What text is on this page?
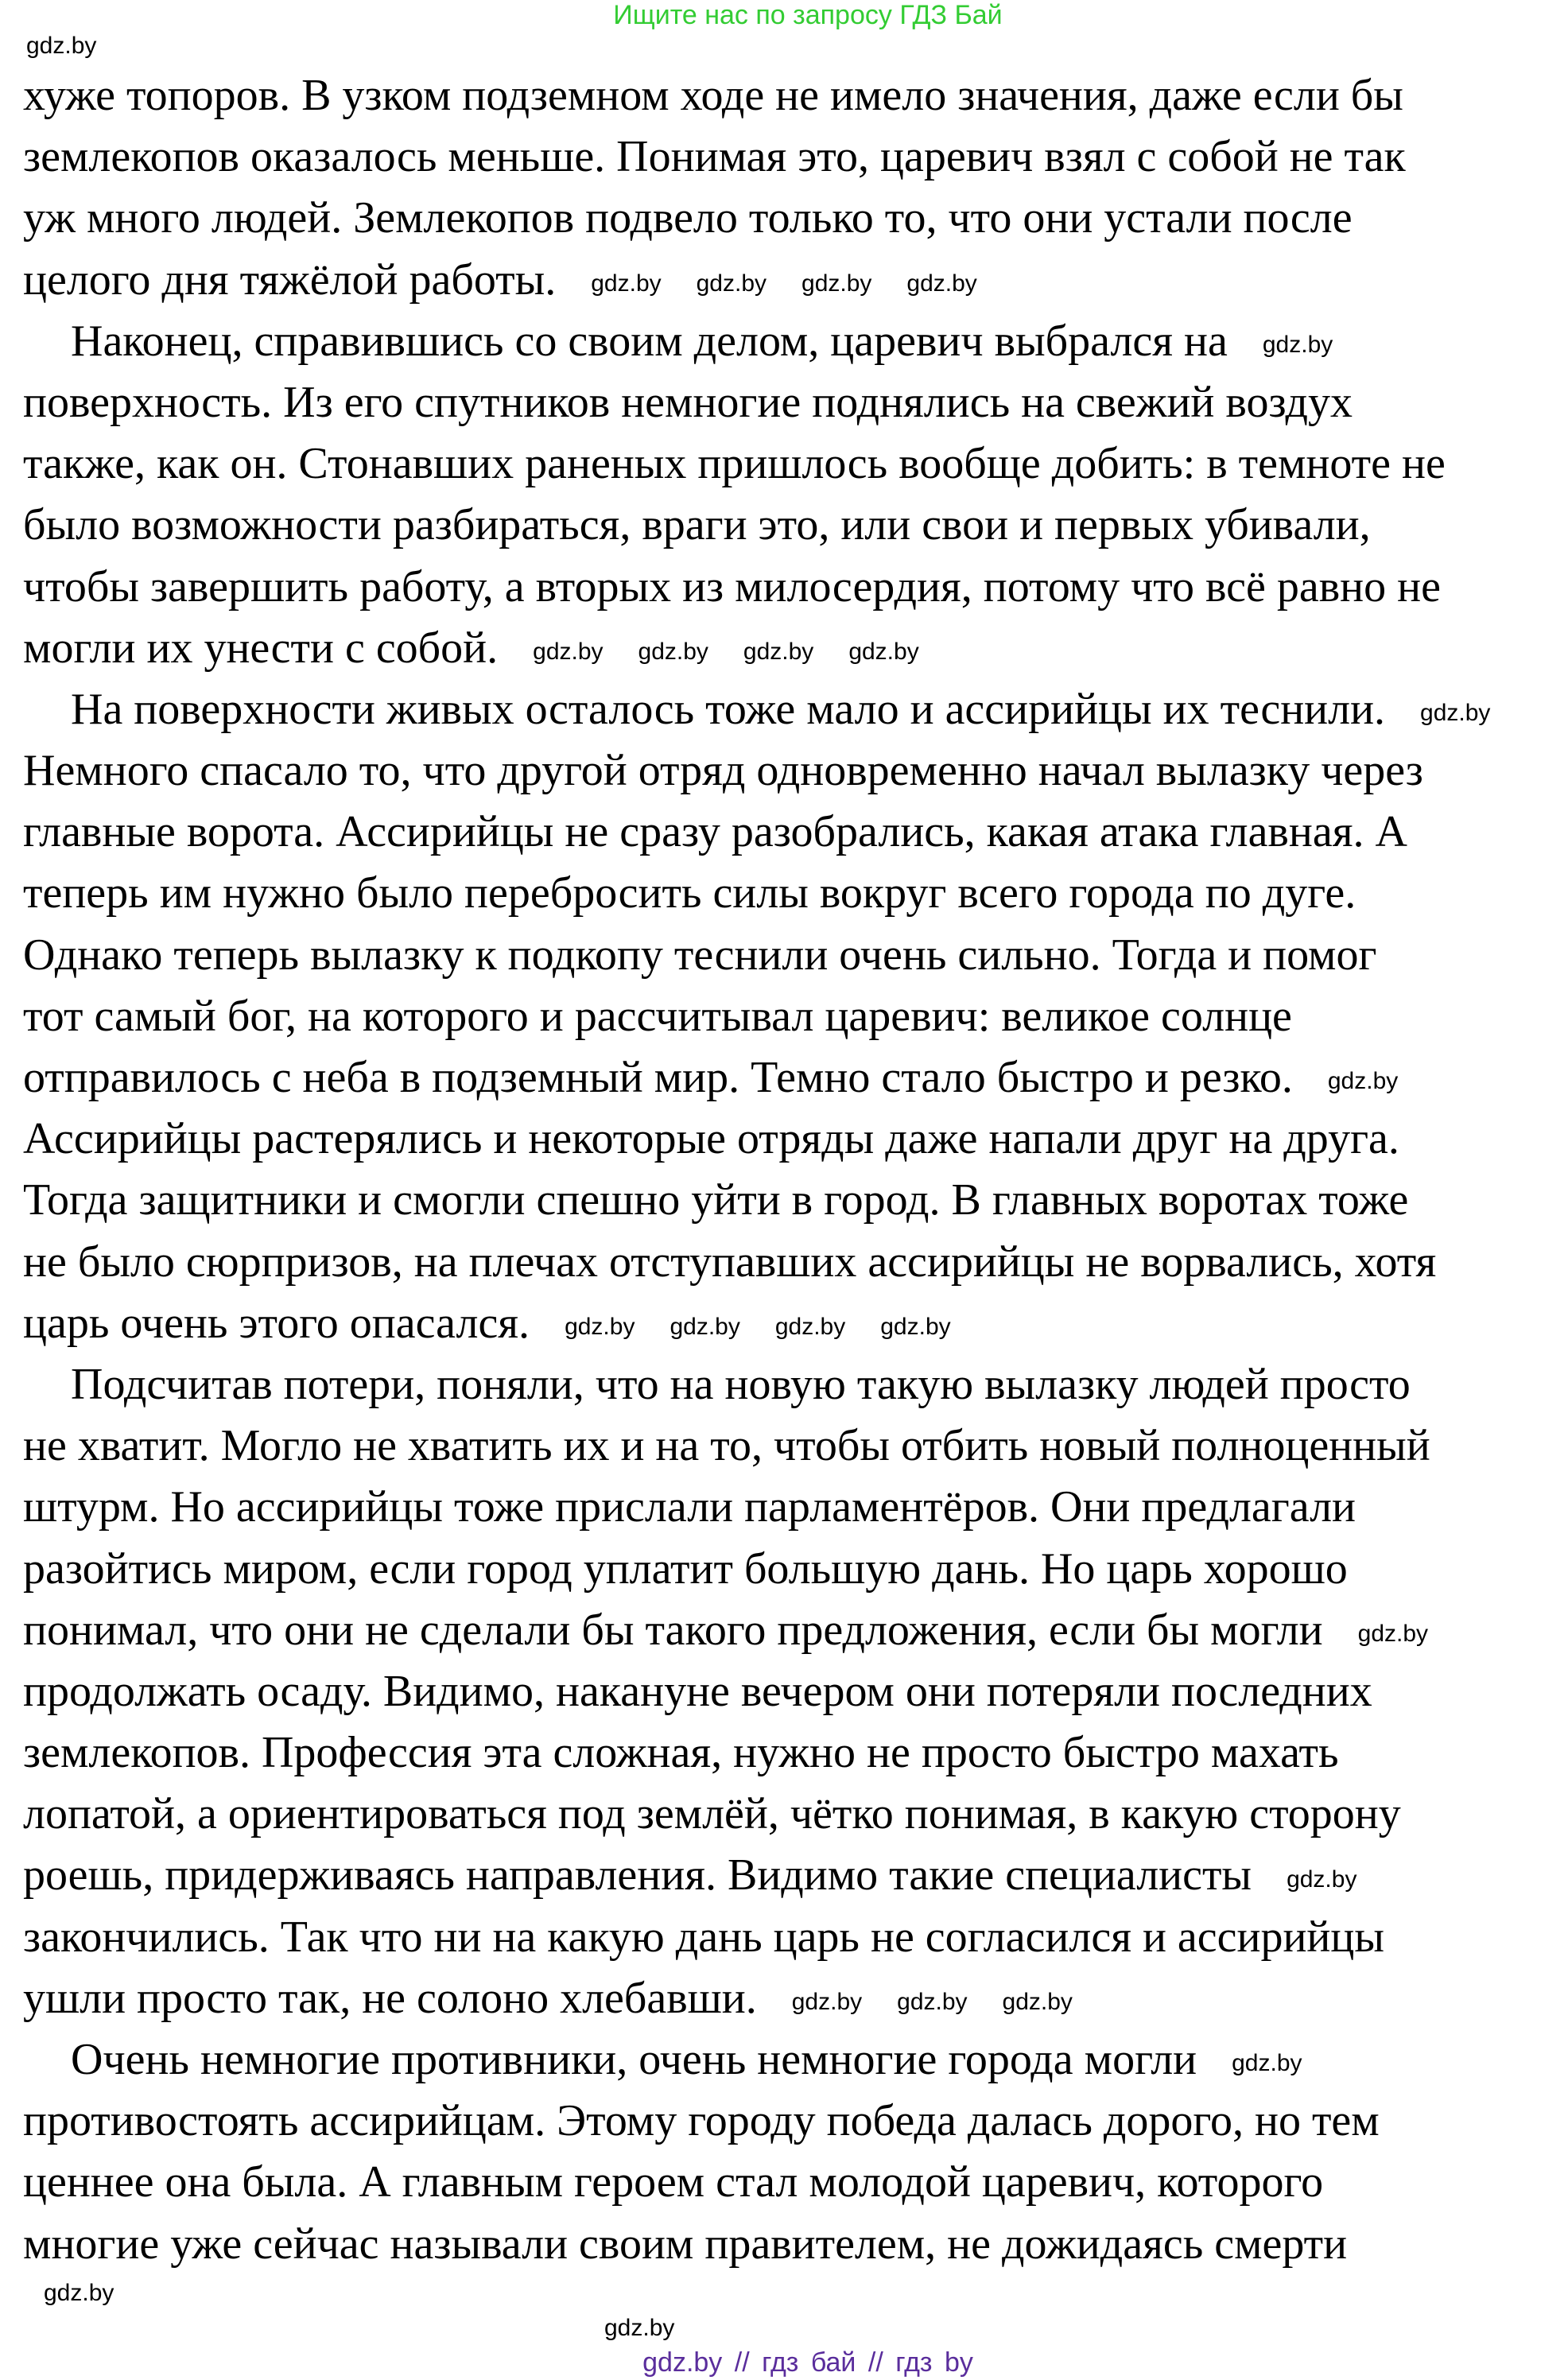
Ищите нас по запросу ГДЗ Бай
хуже топоров. В узком подземном ходе не имело значения, даже если бы
землекопов оказалось меньше. Понимая это, царевич взял с собой не так
уж много людей. Землекопов подвело только то, что они устали после
целого дня тяжёлой работы. gdz.by gdz.by gdz.by gdz.by
Наконец, справившись со своим делом, царевич выбрался на gdz.by
поверхность. Из его спутников немногие поднялись на свежий воздух
также, как он. Стонавших раненых пришлось вообще добить: в темноте не
было возможности разбираться, враги это, или свои и первых убивали,
чтобы завершить работу, а вторых из милосердия, потому что всё равно не
могли их унести с собой. gdz.by gdz.by gdz.by gdz.by
На поверхности живых осталось тоже мало и ассирийцы их теснили. gdz.by
Немного спасало то, что другой отряд одновременно начал вылазку через
главные ворота. Ассирийцы не сразу разобрались, какая атака главная. А
теперь им нужно было перебросить силы вокруг всего города по дуге.
Однако теперь вылазку к подкопу теснили очень сильно. Тогда и помог
тот самый бог, на которого и рассчитывал царевич: великое солнце
отправилось с неба в подземный мир. Темно стало быстро и резко. gdz.by
Ассирийцы растерялись и некоторые отряды даже напали друг на друга.
Тогда защитники и смогли спешно уйти в город. В главных воротах тоже
не было сюрпризов, на плечах отступавших ассирийцы не ворвались, хотя
царь очень этого опасался. gdz.by gdz.by gdz.by gdz.by
Подсчитав потери, поняли, что на новую такую вылазку людей просто
не хватит. Могло не хватить их и на то, чтобы отбить новый полноценный
штурм. Но ассирийцы тоже прислали парламентёров. Они предлагали
разойтись миром, если город уплатит большую дань. Но царь хорошо
понимал, что они не сделали бы такого предложения, если бы могли gdz.by
продолжать осаду. Видимо, накануне вечером они потеряли последних
землекопов. Профессия эта сложная, нужно не просто быстро махать
лопатой, а ориентироваться под землёй, чётко понимая, в какую сторону
роешь, придерживаясь направления. Видимо такие специалисты gdz.by
закончились. Так что ни на какую дань царь не согласился и ассирийцы
ушли просто так, не солоно хлебавши. gdz.by gdz.by gdz.by
Очень немногие противники, очень немногие города могли gdz.by
противостоять ассирийцам. Этому городу победа далась дорого, но тем
ценнее она была. А главным героем стал молодой царевич, которого
многие уже сейчас называли своим правителем, не дожидаясь смерти
gdz.by
gdz.by
gdz.by
gdz.by // гдз бай // гдз by
